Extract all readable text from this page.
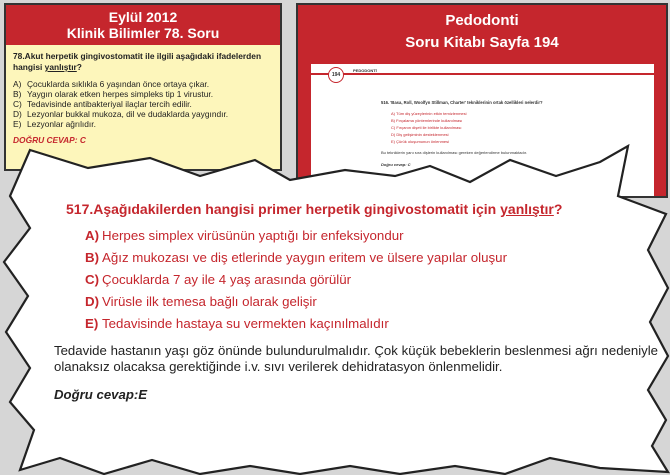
Eylül 2012
Klinik Bilimler 78. Soru
78.Akut herpetik gingivostomatit ile ilgili aşağıdaki ifadelerden hangisi yanlıştır?
A) Çocuklarda sıklıkla 6 yaşından önce ortaya çıkar.
B) Yaygın olarak etken herpes simpleks tip 1 virustur.
C) Tedavisinde antibakteriyal ilaçlar tercih edilir.
D) Lezyonlar bukkal mukoza, dil ve dudaklarda yaygındır.
E) Lezyonlar ağrılıdır.
DOĞRU CEVAP: C
Pedodonti
Soru Kitabı Sayfa 194
194
PEDODONTİ
516. 'Basa, Roll, Woolfyn Stillman, Charter' tekniklerinin ortak özellikleri nelerdir?
A) Tüm diş yüzeylerinin etkin temizlenmesi
B) Fırçalama yöntemlerinde kullanılması
C) Fırçanın dişeti ile birlikte kullanılması
D) Diş gelişiminin desteklenmesi
E) Çürük oluşumunun önlenmesi
Bu tekniklerin yanı sıra dişlerin kullanılması gereken değerlendirme bulunmaktadır.
Doğru cevap: C
517.Aşağıdakilerden hangisi primer herpetik gingivostomatit için yanlıştır?
A) Herpes simplex virüsünün yaptığı bir enfeksiyondur
B) Ağız mukozası ve diş etlerinde yaygın eritem ve ülsere yapılar oluşur
C) Çocuklarda 7 ay ile 4 yaş arasında görülür
D) Virüsle ilk temesa bağlı olarak gelişir
E) Tedavisinde hastaya su vermekten kaçınılmalıdır
Tedavide hastanın yaşı göz önünde bulundurulmalıdır. Çok küçük bebeklerin beslenmesi ağrı nedeniyle olanaksız olacaksa gerektiğinde i.v. sıvı verilerek dehidratasyon önlenmelidir.
Doğru cevap:E
